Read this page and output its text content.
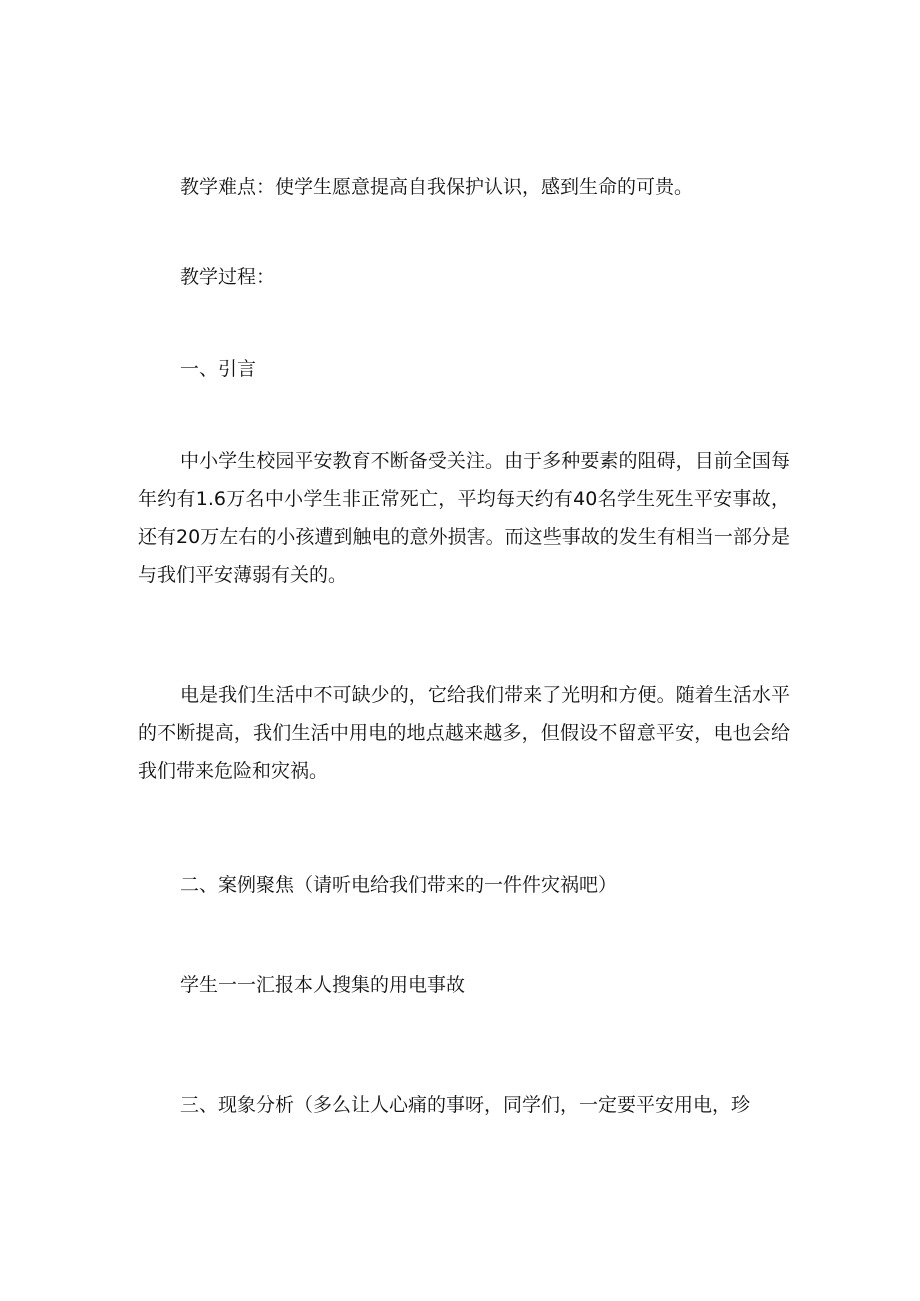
教学难点：使学生愿意提高自我保护认识，感到生命的可贵。
教学过程：
一、引言
中小学生校园平安教育不断备受关注。由于多种要素的阻碍，目前全国每年约有1.6万名中小学生非正常死亡，平均每天约有40名学生死生平安事故，还有20万左右的小孩遭到触电的意外损害。而这些事故的发生有相当一部分是与我们平安薄弱有关的。
电是我们生活中不可缺少的，它给我们带来了光明和方便。随着生活水平的不断提高，我们生活中用电的地点越来越多，但假设不留意平安，电也会给我们带来危险和灾祸。
二、案例聚焦（请听电给我们带来的一件件灾祸吧）
学生一一汇报本人搜集的用电事故
三、现象分析（多么让人心痛的事呀，同学们，一定要平安用电，珍
